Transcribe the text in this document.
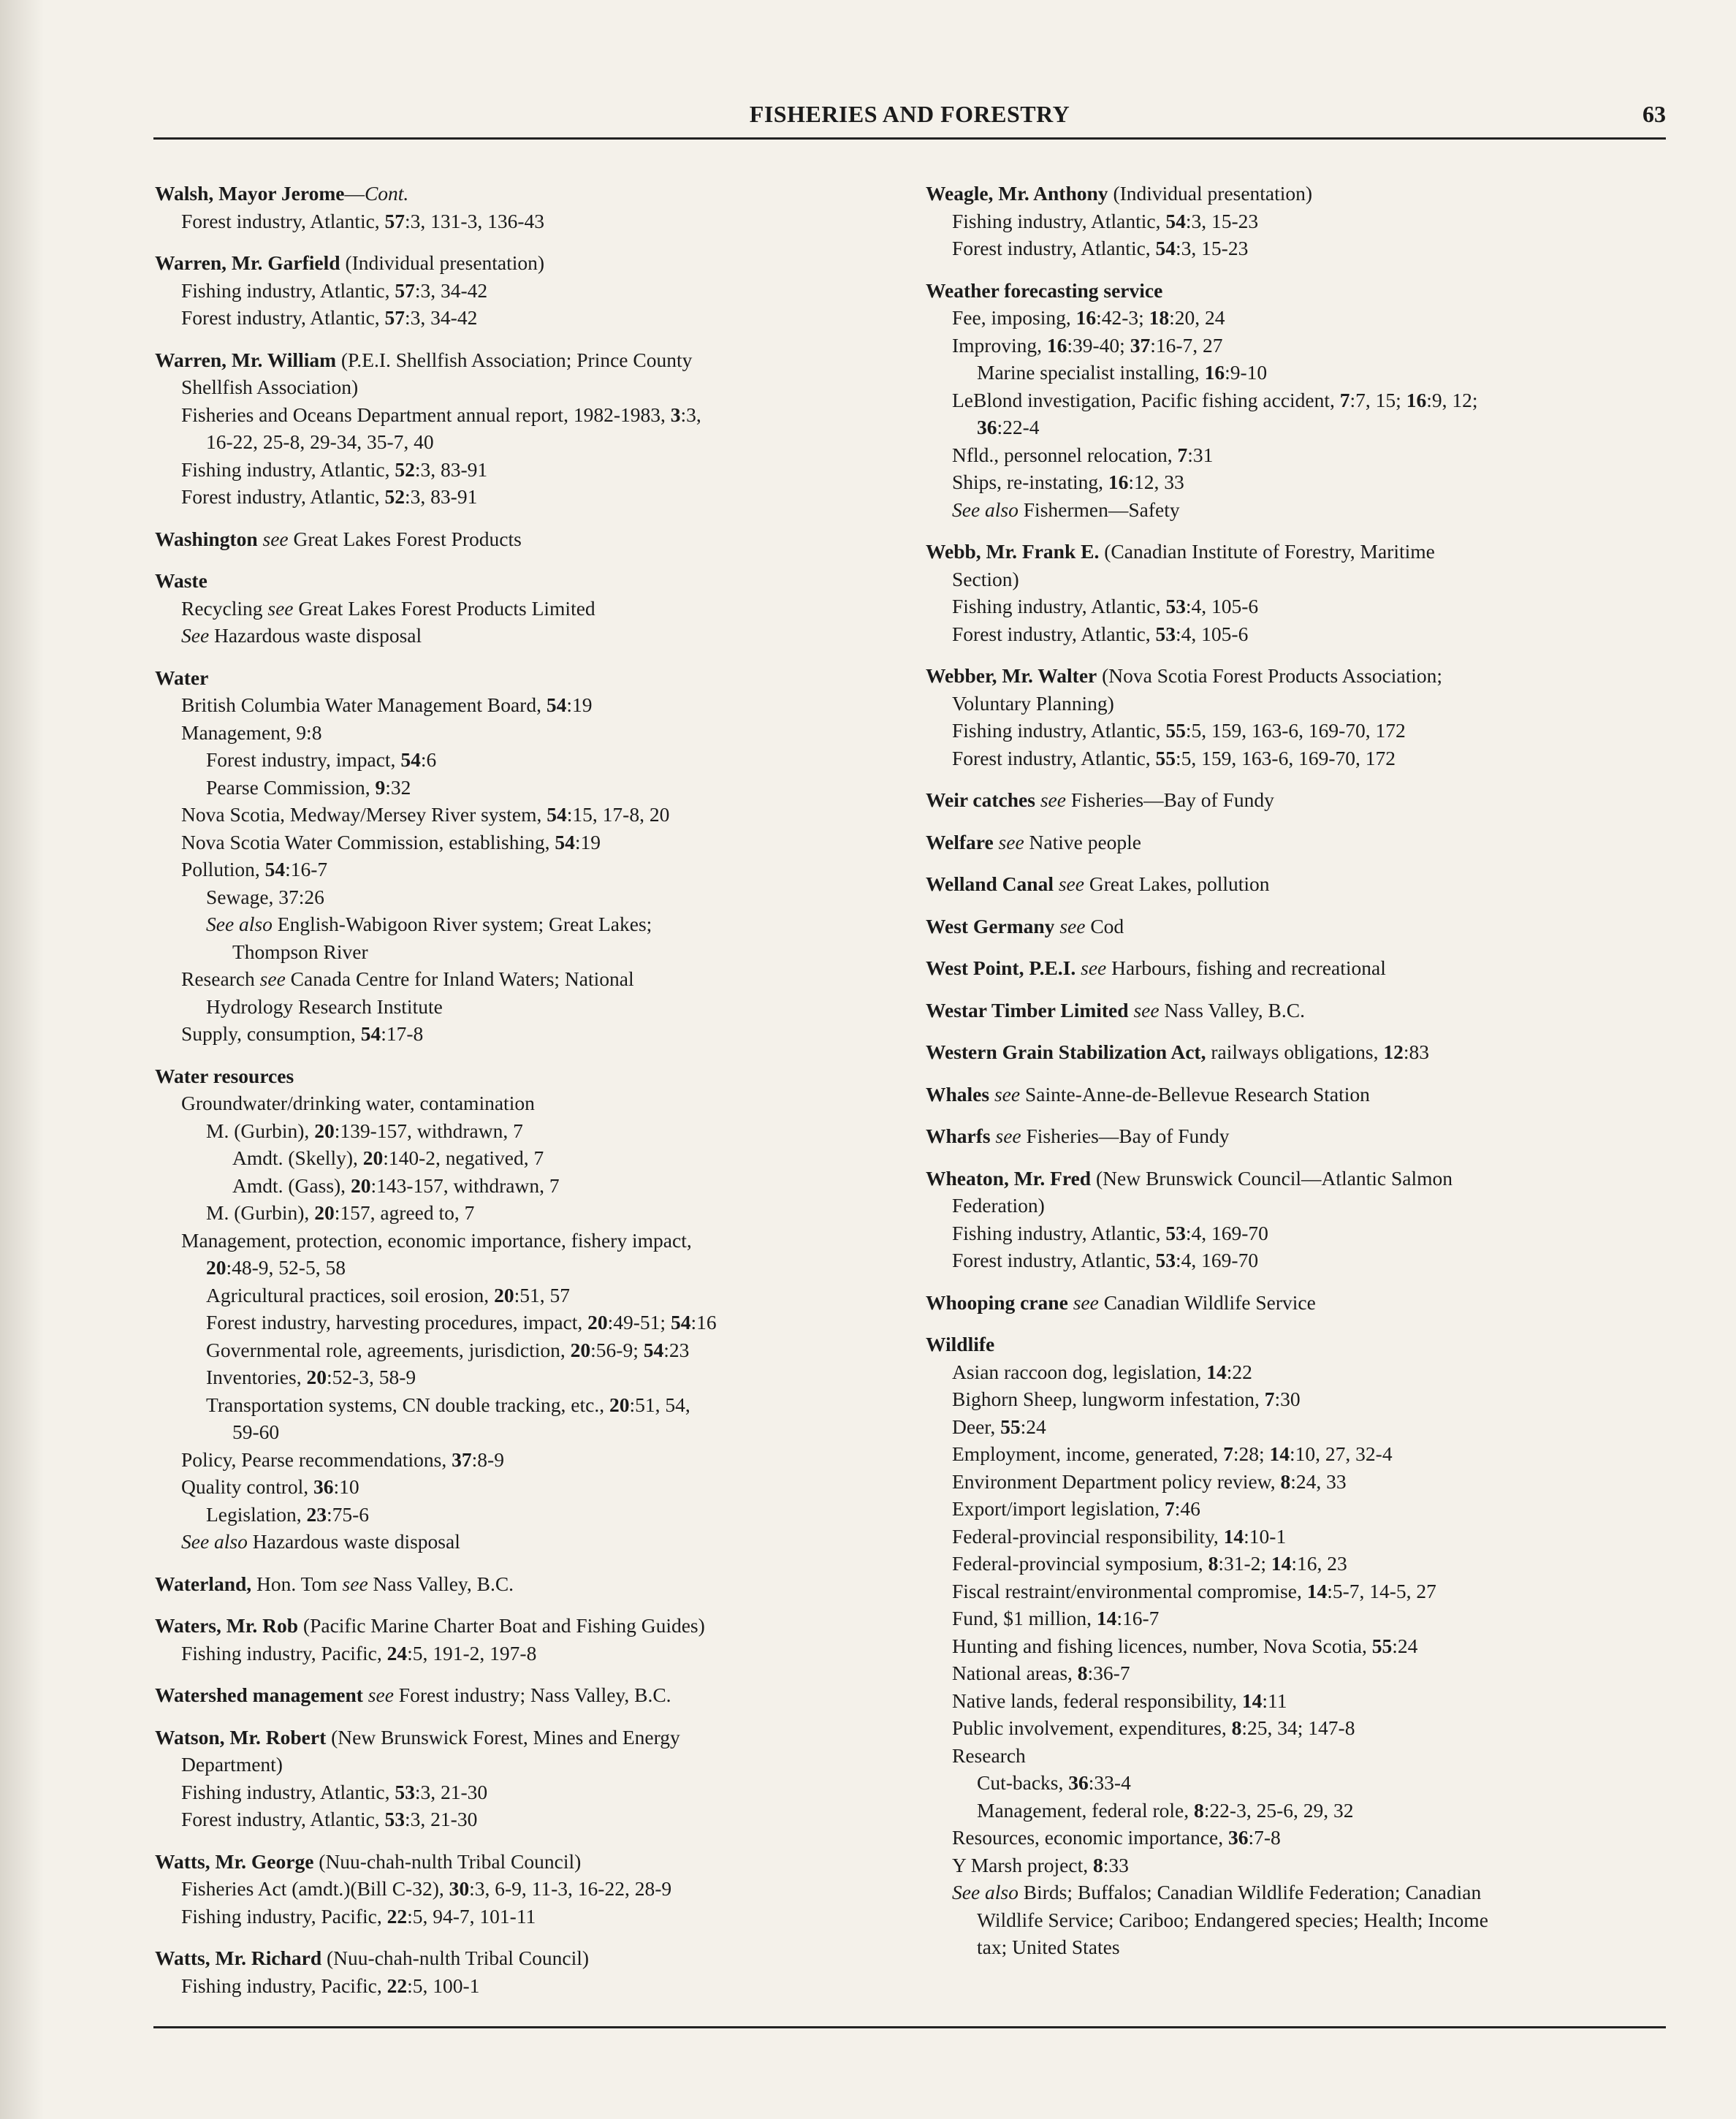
FISHERIES AND FORESTRY	63
Walsh, Mayor Jerome—Cont.
Forest industry, Atlantic, 57:3, 131-3, 136-43
Warren, Mr. Garfield (Individual presentation)
Fishing industry, Atlantic, 57:3, 34-42
Forest industry, Atlantic, 57:3, 34-42
Warren, Mr. William (P.E.I. Shellfish Association; Prince County
Shellfish Association)
Fisheries and Oceans Department annual report, 1982-1983, 3:3,
16-22, 25-8, 29-34, 35-7, 40
Fishing industry, Atlantic, 52:3, 83-91
Forest industry, Atlantic, 52:3, 83-91
Washington see Great Lakes Forest Products
Waste
Recycling see Great Lakes Forest Products Limited
See Hazardous waste disposal
Water
British Columbia Water Management Board, 54:19
Management, 9:8
Forest industry, impact, 54:6
Pearse Commission, 9:32
Nova Scotia, Medway/Mersey River system, 54:15, 17-8, 20
Nova Scotia Water Commission, establishing, 54:19
Pollution, 54:16-7
Sewage, 37:26
See also English-Wabigoon River system; Great Lakes;
Thompson River
Research see Canada Centre for Inland Waters; National
Hydrology Research Institute
Supply, consumption, 54:17-8
Water resources
Groundwater/drinking water, contamination
M. (Gurbin), 20:139-157, withdrawn, 7
Amdt. (Skelly), 20:140-2, negatived, 7
Amdt. (Gass), 20:143-157, withdrawn, 7
M. (Gurbin), 20:157, agreed to, 7
Management, protection, economic importance, fishery impact,
20:48-9, 52-5, 58
Agricultural practices, soil erosion, 20:51, 57
Forest industry, harvesting procedures, impact, 20:49-51; 54:16
Governmental role, agreements, jurisdiction, 20:56-9; 54:23
Inventories, 20:52-3, 58-9
Transportation systems, CN double tracking, etc., 20:51, 54,
59-60
Policy, Pearse recommendations, 37:8-9
Quality control, 36:10
Legislation, 23:75-6
See also Hazardous waste disposal
Waterland, Hon. Tom see Nass Valley, B.C.
Waters, Mr. Rob (Pacific Marine Charter Boat and Fishing Guides)
Fishing industry, Pacific, 24:5, 191-2, 197-8
Watershed management see Forest industry; Nass Valley, B.C.
Watson, Mr. Robert (New Brunswick Forest, Mines and Energy
Department)
Fishing industry, Atlantic, 53:3, 21-30
Forest industry, Atlantic, 53:3, 21-30
Watts, Mr. George (Nuu-chah-nulth Tribal Council)
Fisheries Act (amdt.)(Bill C-32), 30:3, 6-9, 11-3, 16-22, 28-9
Fishing industry, Pacific, 22:5, 94-7, 101-11
Watts, Mr. Richard (Nuu-chah-nulth Tribal Council)
Fishing industry, Pacific, 22:5, 100-1
Weagle, Mr. Anthony (Individual presentation)
Fishing industry, Atlantic, 54:3, 15-23
Forest industry, Atlantic, 54:3, 15-23
Weather forecasting service
Fee, imposing, 16:42-3; 18:20, 24
Improving, 16:39-40; 37:16-7, 27
Marine specialist installing, 16:9-10
LeBlond investigation, Pacific fishing accident, 7:7, 15; 16:9, 12;
36:22-4
Nfld., personnel relocation, 7:31
Ships, re-instating, 16:12, 33
See also Fishermen—Safety
Webb, Mr. Frank E. (Canadian Institute of Forestry, Maritime
Section)
Fishing industry, Atlantic, 53:4, 105-6
Forest industry, Atlantic, 53:4, 105-6
Webber, Mr. Walter (Nova Scotia Forest Products Association;
Voluntary Planning)
Fishing industry, Atlantic, 55:5, 159, 163-6, 169-70, 172
Forest industry, Atlantic, 55:5, 159, 163-6, 169-70, 172
Weir catches see Fisheries—Bay of Fundy
Welfare see Native people
Welland Canal see Great Lakes, pollution
West Germany see Cod
West Point, P.E.I. see Harbours, fishing and recreational
Westar Timber Limited see Nass Valley, B.C.
Western Grain Stabilization Act, railways obligations, 12:83
Whales see Sainte-Anne-de-Bellevue Research Station
Wharfs see Fisheries—Bay of Fundy
Wheaton, Mr. Fred (New Brunswick Council—Atlantic Salmon
Federation)
Fishing industry, Atlantic, 53:4, 169-70
Forest industry, Atlantic, 53:4, 169-70
Whooping crane see Canadian Wildlife Service
Wildlife
Asian raccoon dog, legislation, 14:22
Bighorn Sheep, lungworm infestation, 7:30
Deer, 55:24
Employment, income, generated, 7:28; 14:10, 27, 32-4
Environment Department policy review, 8:24, 33
Export/import legislation, 7:46
Federal-provincial responsibility, 14:10-1
Federal-provincial symposium, 8:31-2; 14:16, 23
Fiscal restraint/environmental compromise, 14:5-7, 14-5, 27
Fund, $1 million, 14:16-7
Hunting and fishing licences, number, Nova Scotia, 55:24
National areas, 8:36-7
Native lands, federal responsibility, 14:11
Public involvement, expenditures, 8:25, 34; 147-8
Research
Cut-backs, 36:33-4
Management, federal role, 8:22-3, 25-6, 29, 32
Resources, economic importance, 36:7-8
Y Marsh project, 8:33
See also Birds; Buffalos; Canadian Wildlife Federation; Canadian
Wildlife Service; Cariboo; Endangered species; Health; Income
tax; United States
